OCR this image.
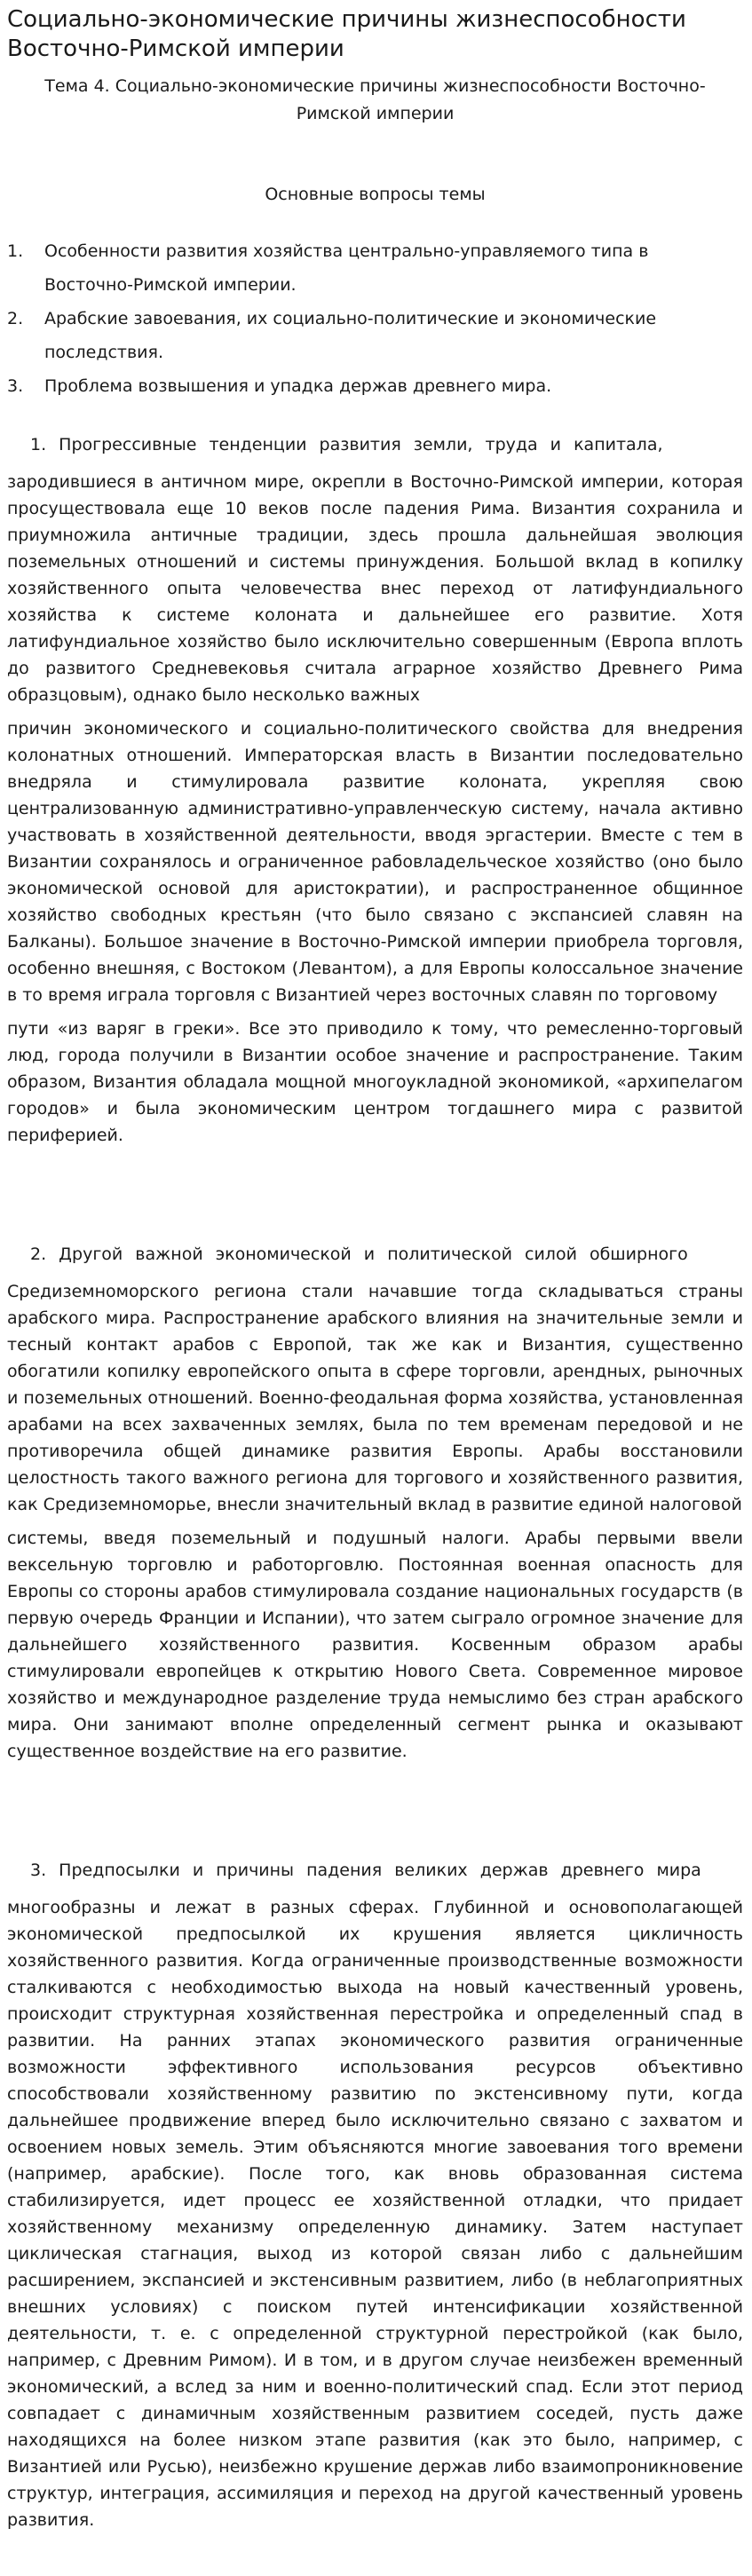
Социально-экономические причины жизнеспособности Восточно-Римской империи
Тема 4. Социально-экономические причины жизнеспособности Восточно-Римской империи
Основные вопросы темы
1.	Особенности развития хозяйства центрально-управляемого типа в Восточно-Римской империи.
2.	Арабские завоевания, их социально-политические и экономические последствия.
3.	Проблема возвышения и упадка держав древнего мира.
1. Прогрессивные тенденции развития земли, труда и капитала,

зародившиеся в античном мире, окрепли в Восточно-Римской империи, которая просуществовала еще 10 веков после падения Рима. Византия сохранила и приумножила античные традиции, здесь прошла дальнейшая эволюция поземельных отношений и системы принуждения. Большой вклад в копилку хозяйственного опыта человечества внес переход от латифундиального хозяйства к системе колоната и дальнейшее его развитие. Хотя латифундиальное хозяйство было исключительно совершенным (Европа вплоть до развитого Средневековья считала аграрное хозяйство Древнего Рима образцовым), однако было несколько важных

причин экономического и социально-политического свойства для внедрения колонатных отношений. Императорская власть в Византии последовательно внедряла и стимулировала развитие колоната, укрепляя свою централизованную административно-управленческую систему, начала активно участвовать в хозяйственной деятельности, вводя эргастерии. Вместе с тем в Византии сохранялось и ограниченное рабовладельческое хозяйство (оно было экономической основой для аристократии), и распространенное общинное хозяйство свободных крестьян (что было связано с экспансией славян на Балканы). Большое значение в Восточно-Римской империи приобрела торговля, особенно внешняя, с Востоком (Левантом), а для Европы колоссальное значение в то время играла торговля с Византией через восточных славян по торговому

пути «из варяг в греки». Все это приводило к тому, что ремесленно-торговый люд, города получили в Византии особое значение и распространение. Таким образом, Византия обладала мощной многоукладной экономикой, «архипелагом городов» и была экономическим центром тогдашнего мира с развитой периферией.

2. Другой важной экономической и политической силой обширного

Средиземноморского региона стали начавшие тогда складываться страны арабского мира. Распространение арабского влияния на значительные земли и тесный контакт арабов с Европой, так же как и Византия, существенно обогатили копилку европейского опыта в сфере торговли, арендных, рыночных и поземельных отношений. Военно-феодальная форма хозяйства, установленная арабами на всех захваченных землях, была по тем временам передовой и не противоречила общей динамике развития Европы. Арабы восстановили целостность такого важного региона для торгового и хозяйственного развития, как Средиземноморье, внесли значительный вклад в развитие единой налоговой

системы, введя поземельный и подушный налоги. Арабы первыми ввели вексельную торговлю и работорговлю. Постоянная военная опасность для Европы со стороны арабов стимулировала создание национальных государств (в первую очередь Франции и Испании), что затем сыграло огромное значение для дальнейшего хозяйственного развития. Косвенным образом арабы стимулировали европейцев к открытию Нового Света. Современное мировое хозяйство и международное разделение труда немыслимо без стран арабского мира. Они занимают вполне определенный сегмент рынка и оказывают существенное воздействие на его развитие.

3. Предпосылки и причины падения великих держав древнего мира

многообразны и лежат в разных сферах. Глубинной и основополагающей экономической предпосылкой их крушения является цикличность хозяйственного развития. Когда ограниченные производственные возможности сталкиваются с необходимостью выхода на новый качественный уровень, происходит структурная хозяйственная перестройка и определенный спад в развитии. На ранних этапах экономического развития ограниченные возможности эффективного использования ресурсов объективно способствовали хозяйственному развитию по экстенсивному пути, когда дальнейшее продвижение вперед было исключительно связано с захватом и освоением новых земель. Этим объясняются многие завоевания того времени (например, арабские). После того, как вновь образованная система стабилизируется, идет процесс ее хозяйственной отладки, что придает хозяйственному механизму определенную динамику. Затем наступает циклическая стагнация, выход из которой связан либо с дальнейшим расширением, экспансией и экстенсивным развитием, либо (в неблагоприятных внешних условиях) с поиском путей интенсификации хозяйственной деятельности, т. е. с определенной структурной перестройкой (как было, например, с Древним Римом). И в том, и в другом случае неизбежен временный экономический, а вслед за ним и военно-политический спад. Если этот период совпадает с динамичным хозяйственным развитием соседей, пусть даже находящихся на более низком этапе развития (как это было, например, с Византией или Русью), неизбежно крушение держав либо взаимопроникновение структур, интеграция, ассимиляция и переход на другой качественный уровень развития.
